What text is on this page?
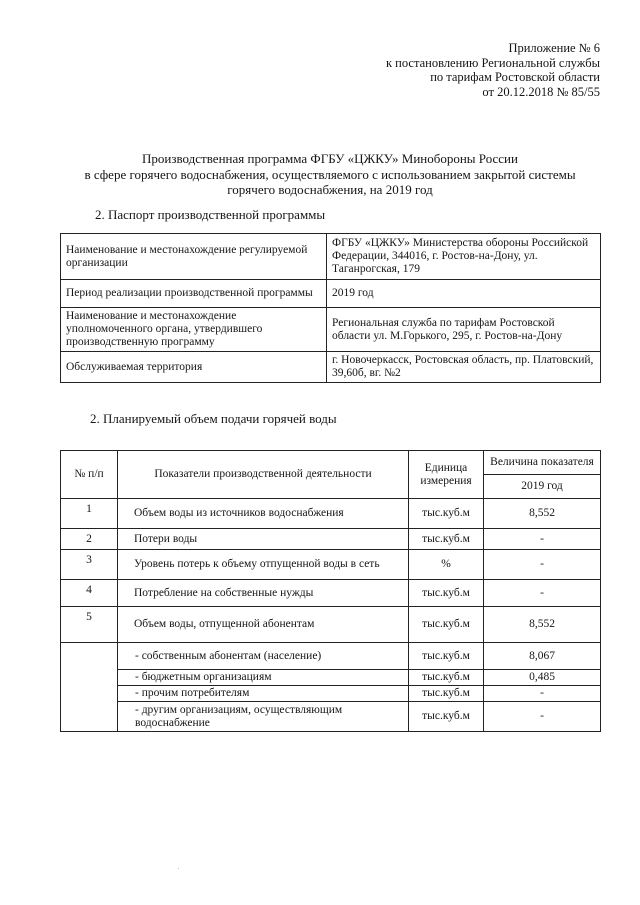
Приложение № 6
к постановлению Региональной службы
по тарифам Ростовской области
от 20.12.2018 № 85/55
Производственная программа ФГБУ «ЦЖКУ» Минобороны России
в сфере горячего водоснабжения, осуществляемого с использованием закрытой системы
горячего водоснабжения, на 2019 год
2. Паспорт производственной программы
Наименование и местонахождение регулируемой организации	ФГБУ «ЦЖКУ» Министерства обороны Российской Федерации, 344016, г. Ростов-на-Дону, ул. Таганрогская, 179
Период реализации производственной программы	2019 год
Наименование и местонахождение уполномоченного органа, утвердившего производственную программу	Региональная служба по тарифам Ростовской области ул. М.Горького, 295, г. Ростов-на-Дону
Обслуживаемая территория	г. Новочеркасск, Ростовская область, пр. Платовский, 39,60б, вг. №2
2. Планируемый объем подачи горячей воды
№ п/п	Показатели производственной деятельности	Единица измерения	Величина показателя
			2019 год
1	Объем воды из источников водоснабжения	тыс.куб.м	8,552
2	Потери воды	тыс.куб.м	-
3	Уровень потерь к объему отпущенной воды в сеть	%	-
4	Потребление на собственные нужды	тыс.куб.м	-
5	Объем воды, отпущенной абонентам	тыс.куб.м	8,552
	- собственным абонентам (население)	тыс.куб.м	8,067
	- бюджетным организациям	тыс.куб.м	0,485
	- прочим потребителям	тыс.куб.м	-
	- другим организациям, осуществляющим водоснабжение	тыс.куб.м	-
